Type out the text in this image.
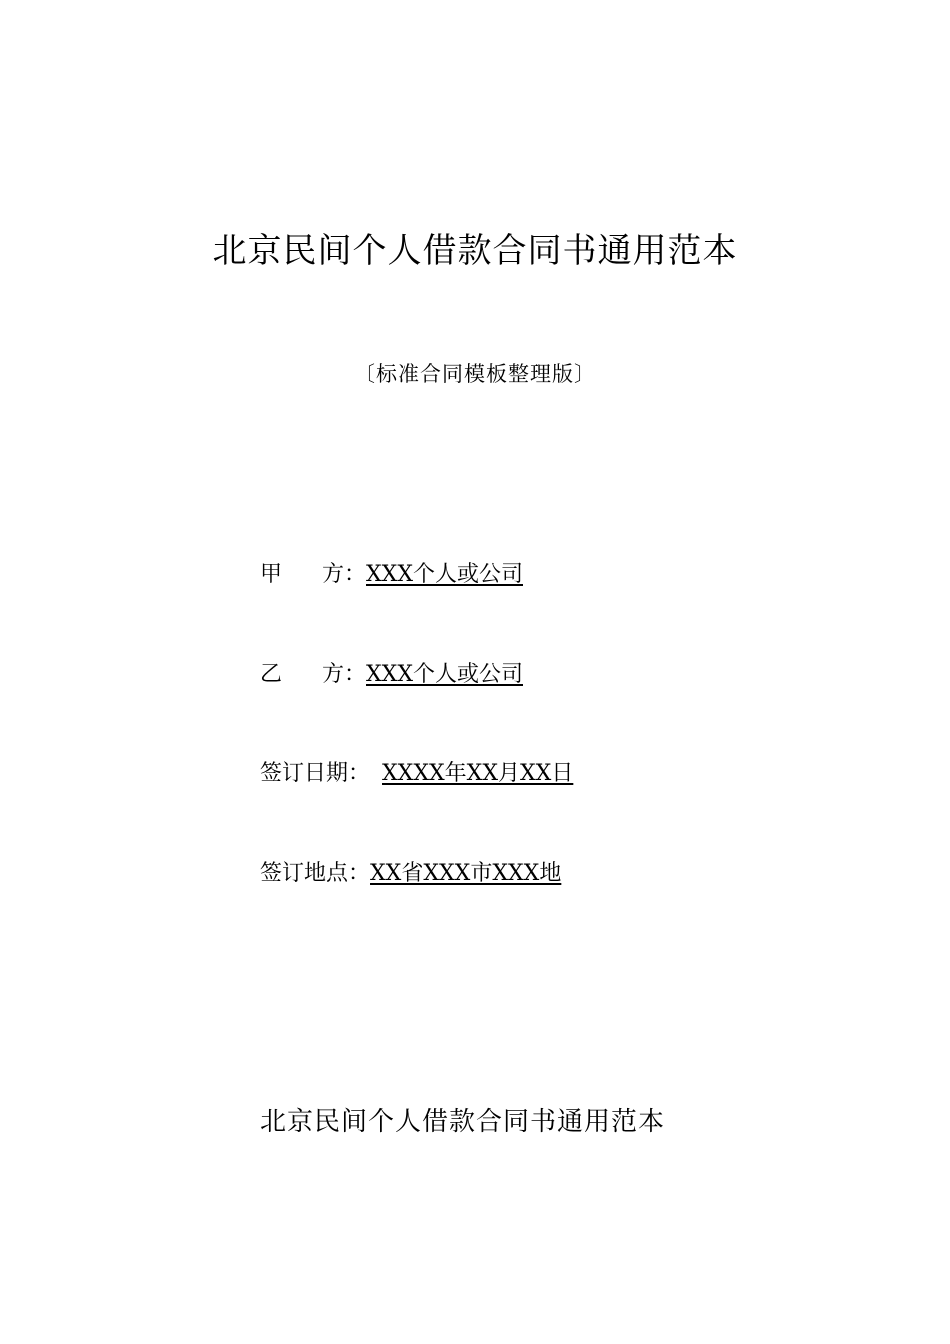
北京民间个人借款合同书通用范本
〔标准合同模板整理版〕
甲 方： XXX个人或公司
乙 方： XXX个人或公司
签订日期： XXXX年XX月XX日
签订地点： XX省XXX市XXX地
北京民间个人借款合同书通用范本
